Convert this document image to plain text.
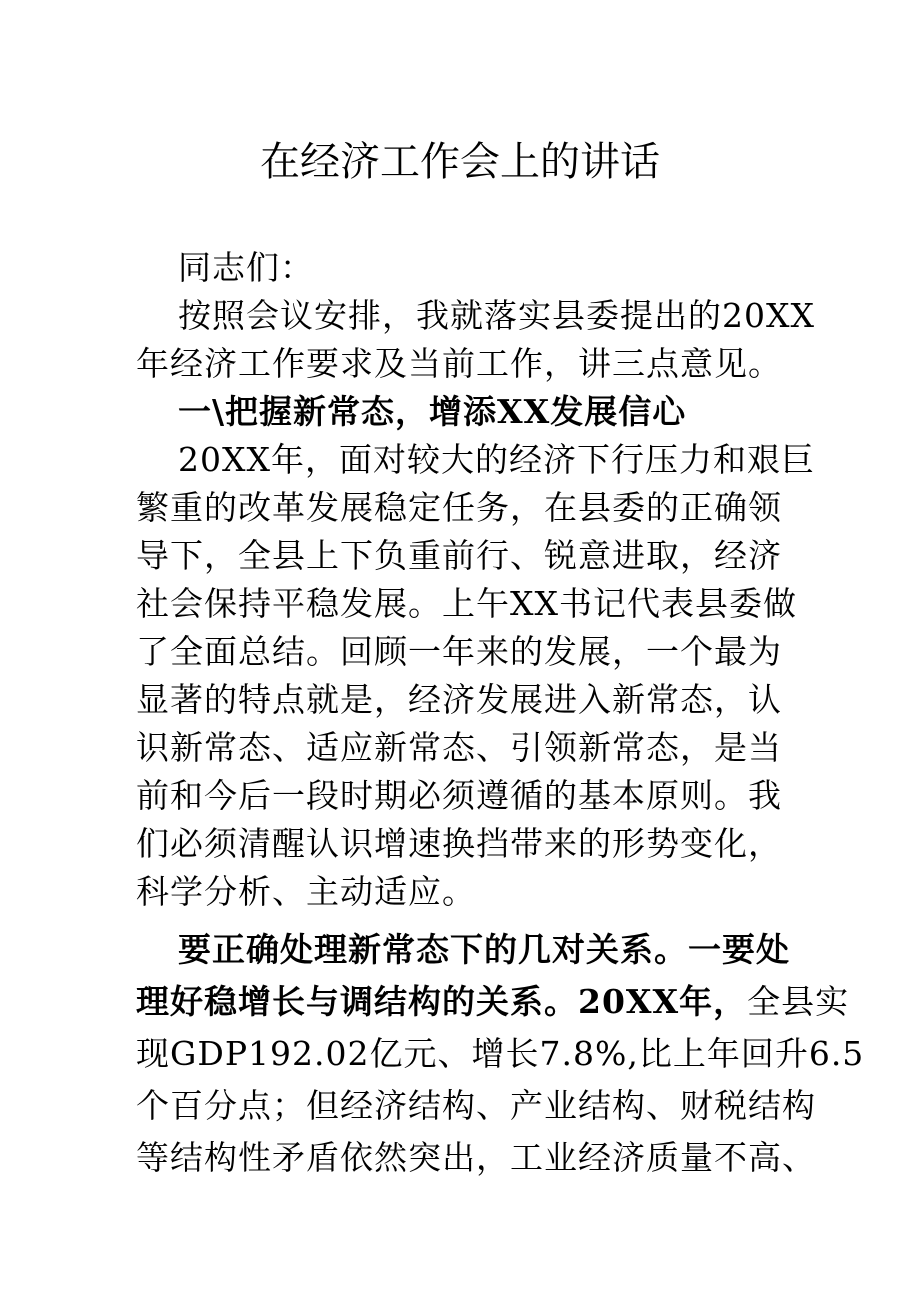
在经济工作会上的讲话
同志们：
按照会议安排，我就落实县委提出的20XX
年经济工作要求及当前工作，讲三点意见。
一\把握新常态，增添XX发展信心
20XX年，面对较大的经济下行压力和艰巨
繁重的改革发展稳定任务，在县委的正确领
导下，全县上下负重前行、锐意进取，经济
社会保持平稳发展。上午XX书记代表县委做
了全面总结。回顾一年来的发展，一个最为
显著的特点就是，经济发展进入新常态，认
识新常态、适应新常态、引领新常态，是当
前和今后一段时期必须遵循的基本原则。我
们必须清醒认识增速换挡带来的形势变化，
科学分析、主动适应。
要正确处理新常态下的几对关系。一要处
理好稳增长与调结构的关系。20XX年，全县实
现GDP192.02亿元、增长7.8%,比上年回升6.5
个百分点；但经济结构、产业结构、财税结构
等结构性矛盾依然突出，工业经济质量不高、
